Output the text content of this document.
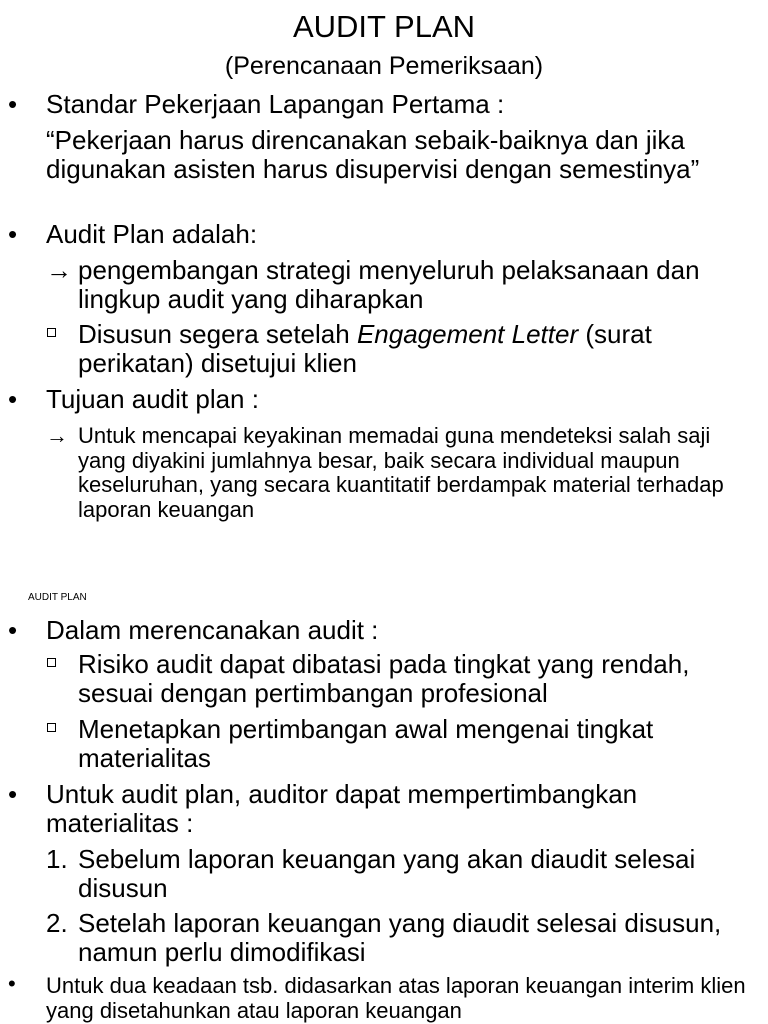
AUDIT PLAN
(Perencanaan Pemeriksaan)
• Standar Pekerjaan Lapangan Pertama :
“Pekerjaan harus direncanakan sebaik-baiknya dan jika digunakan asisten harus disupervisi dengan semestinya”
• Audit Plan adalah:
→ pengembangan strategi menyeluruh pelaksanaan dan lingkup audit yang diharapkan
Disusun segera setelah Engagement Letter (surat perikatan) disetujui klien
• Tujuan audit plan :
→ Untuk mencapai keyakinan memadai guna mendeteksi salah saji yang diyakini jumlahnya besar, baik secara individual maupun keseluruhan, yang secara kuantitatif berdampak material terhadap laporan keuangan
AUDIT PLAN
• Dalam merencanakan audit :
Risiko audit dapat dibatasi pada tingkat yang rendah, sesuai dengan pertimbangan profesional
Menetapkan pertimbangan awal mengenai tingkat materialitas
• Untuk audit plan, auditor dapat mempertimbangkan materialitas :
1. Sebelum laporan keuangan yang akan diaudit selesai disusun
2. Setelah laporan keuangan yang diaudit selesai disusun, namun perlu dimodifikasi
• Untuk dua keadaan tsb. didasarkan atas laporan keuangan interim klien yang disetahunkan atau laporan keuangan
